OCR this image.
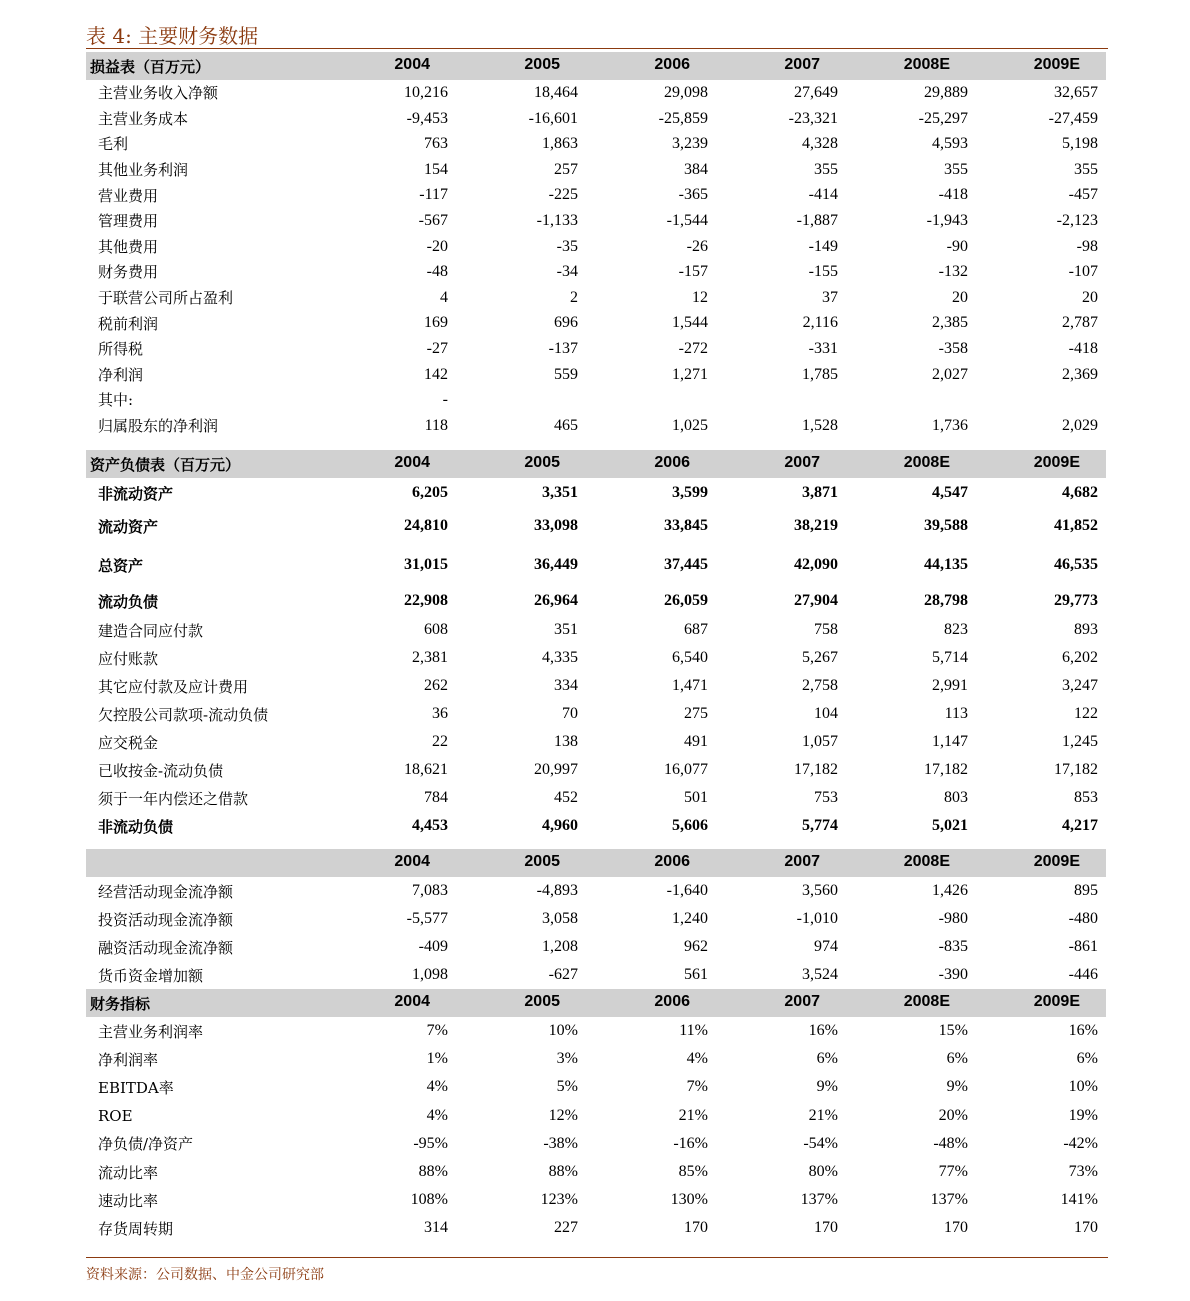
表 4: 主要财务数据
损益表（百万元）	2004	2005	2006	2007	2008E	2009E
主营业务收入净额	10,216	18,464	29,098	27,649	29,889	32,657
主营业务成本	-9,453	-16,601	-25,859	-23,321	-25,297	-27,459
毛利	763	1,863	3,239	4,328	4,593	5,198
其他业务利润	154	257	384	355	355	355
营业费用	-117	-225	-365	-414	-418	-457
管理费用	-567	-1,133	-1,544	-1,887	-1,943	-2,123
其他费用	-20	-35	-26	-149	-90	-98
财务费用	-48	-34	-157	-155	-132	-107
于联营公司所占盈利	4	2	12	37	20	20
税前利润	169	696	1,544	2,116	2,385	2,787
所得税	-27	-137	-272	-331	-358	-418
净利润	142	559	1,271	1,785	2,027	2,369
其中:	-
归属股东的净利润	118	465	1,025	1,528	1,736	2,029
资产负债表（百万元）	2004	2005	2006	2007	2008E	2009E
非流动资产	6,205	3,351	3,599	3,871	4,547	4,682
流动资产	24,810	33,098	33,845	38,219	39,588	41,852
总资产	31,015	36,449	37,445	42,090	44,135	46,535
流动负债	22,908	26,964	26,059	27,904	28,798	29,773
建造合同应付款	608	351	687	758	823	893
应付账款	2,381	4,335	6,540	5,267	5,714	6,202
其它应付款及应计费用	262	334	1,471	2,758	2,991	3,247
欠控股公司款项-流动负债	36	70	275	104	113	122
应交税金	22	138	491	1,057	1,147	1,245
已收按金-流动负债	18,621	20,997	16,077	17,182	17,182	17,182
须于一年内偿还之借款	784	452	501	753	803	853
非流动负债	4,453	4,960	5,606	5,774	5,021	4,217
2004	2005	2006	2007	2008E	2009E
经营活动现金流净额	7,083	-4,893	-1,640	3,560	1,426	895
投资活动现金流净额	-5,577	3,058	1,240	-1,010	-980	-480
融资活动现金流净额	-409	1,208	962	974	-835	-861
货币资金增加额	1,098	-627	561	3,524	-390	-446
财务指标	2004	2005	2006	2007	2008E	2009E
主营业务利润率	7%	10%	11%	16%	15%	16%
净利润率	1%	3%	4%	6%	6%	6%
EBITDA率	4%	5%	7%	9%	9%	10%
ROE	4%	12%	21%	21%	20%	19%
净负债/净资产	-95%	-38%	-16%	-54%	-48%	-42%
流动比率	88%	88%	85%	80%	77%	73%
速动比率	108%	123%	130%	137%	137%	141%
存货周转期	314	227	170	170	170	170
资料来源：公司数据、中金公司研究部
